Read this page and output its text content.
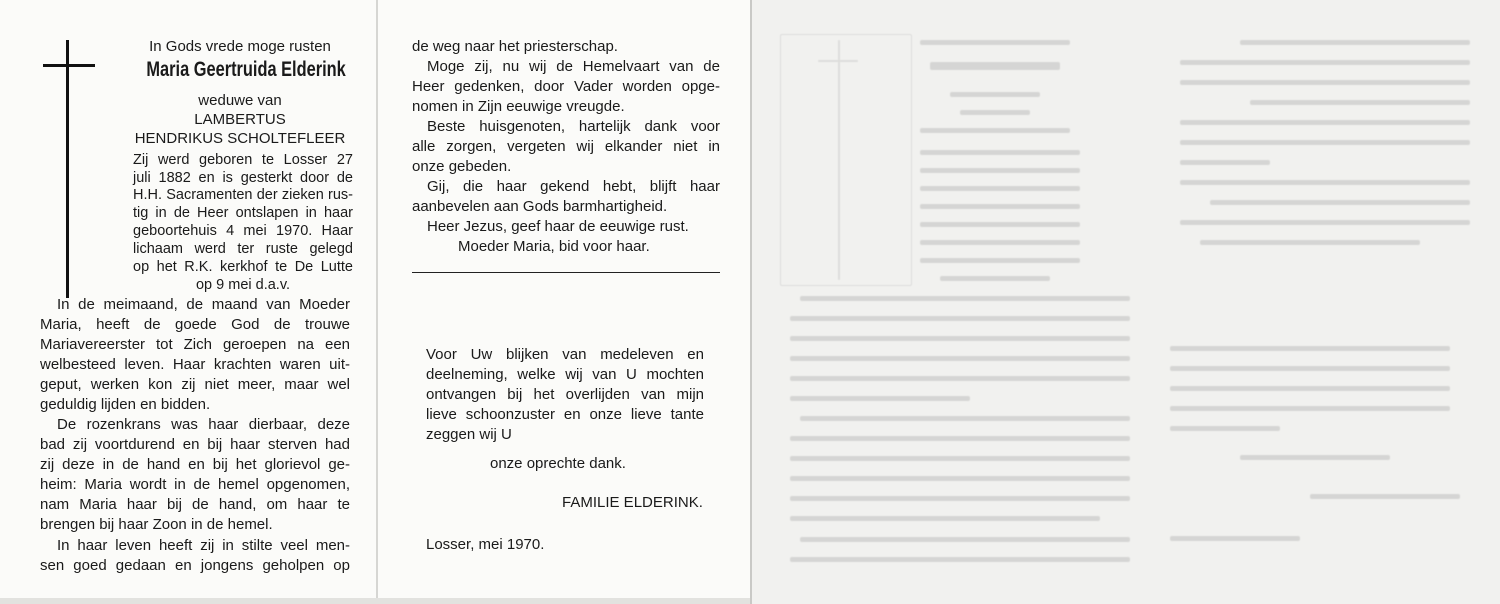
In Gods vrede moge rusten
Maria Geertruida Elderink
weduwe van
LAMBERTUS
HENDRIKUS SCHOLTEFLEER
Zij werd geboren te Losser 27
juli 1882 en is gesterkt door de
H.H. Sacramenten der zieken rus-
tig in de Heer ontslapen in haar
geboortehuis 4 mei 1970. Haar
lichaam werd ter ruste gelegd
op het R.K. kerkhof te De Lutte
op 9 mei d.a.v.
In de meimaand, de maand van Moeder
Maria, heeft de goede God de trouwe
Mariavereerster tot Zich geroepen na een
welbesteed leven. Haar krachten waren uit-
geput, werken kon zij niet meer, maar wel
geduldig lijden en bidden.
De rozenkrans was haar dierbaar, deze
bad zij voortdurend en bij haar sterven had
zij deze in de hand en bij het glorievol ge-
heim: Maria wordt in de hemel opgenomen,
nam Maria haar bij de hand, om haar te
brengen bij haar Zoon in de hemel.
In haar leven heeft zij in stilte veel men-
sen goed gedaan en jongens geholpen op
de weg naar het priesterschap.
Moge zij, nu wij de Hemelvaart van de
Heer gedenken, door Vader worden opge-
nomen in Zijn eeuwige vreugde.
Beste huisgenoten, hartelijk dank voor
alle zorgen, vergeten wij elkander niet in
onze gebeden.
Gij, die haar gekend hebt, blijft haar
aanbevelen aan Gods barmhartigheid.
Heer Jezus, geef haar de eeuwige rust.
Moeder Maria, bid voor haar.
Voor Uw blijken van medeleven en
deelneming, welke wij van U mochten
ontvangen bij het overlijden van mijn
lieve schoonzuster en onze lieve tante
zeggen wij U
onze oprechte dank.
FAMILIE ELDERINK.
Losser, mei 1970.
